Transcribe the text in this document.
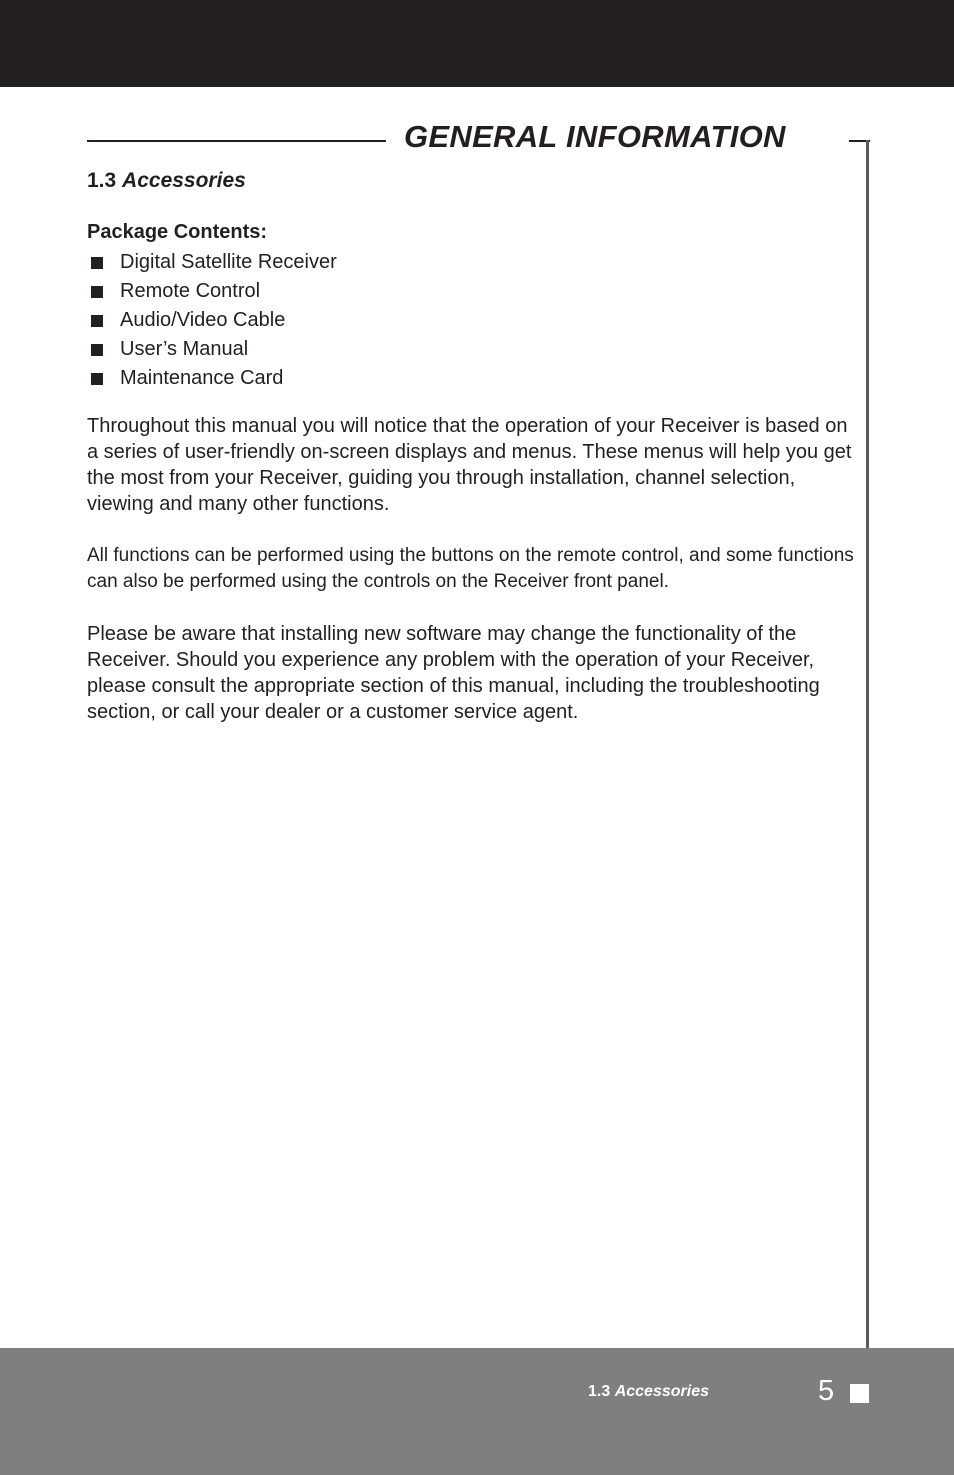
GENERAL INFORMATION
1.3 Accessories

Package Contents:

Digital Satellite Receiver
Remote Control
Audio/Video Cable
User’s Manual
Maintenance Card

Throughout this manual you will notice that the operation of your Receiver is based on a series of user-friendly on-screen displays and menus. These menus will help you get the most from your Receiver, guiding you through installation, channel selection, viewing and many other functions.

All functions can be performed using the buttons on the remote control, and some functions can also be performed using the controls on the Receiver front panel.

Please be aware that installing new software may change the functionality of the Receiver. Should you experience any problem with the operation of your Receiver, please consult the appropriate section of this manual, including the troubleshooting section, or call your dealer or a customer service agent.

1.3 Accessories	5
